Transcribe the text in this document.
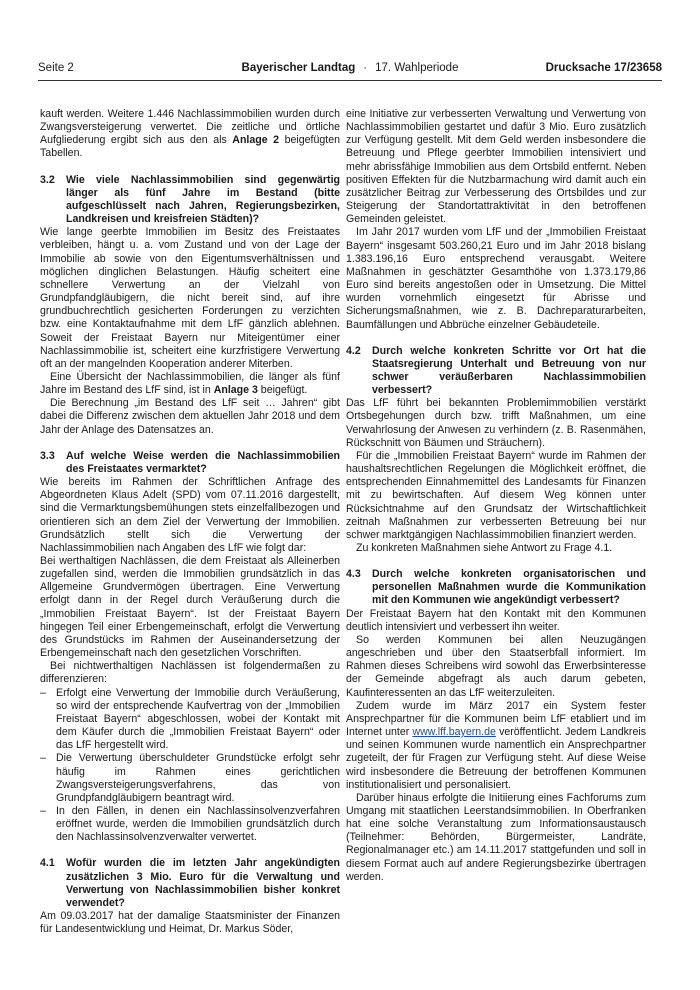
Seite 2	Bayerischer Landtag · 17. Wahlperiode	Drucksache 17/23658

kauft werden. Weitere 1.446 Nachlassimmobilien wurden durch Zwangsversteigerung verwertet. Die zeitliche und örtliche Aufgliederung ergibt sich aus den als Anlage 2 beigefügten Tabellen.

3.2	Wie viele Nachlassimmobilien sind gegenwärtig länger als fünf Jahre im Bestand (bitte aufgeschlüsselt nach Jahren, Regierungsbezirken, Landkreisen und kreisfreien Städten)?

Wie lange geerbte Immobilien im Besitz des Freistaates verbleiben, hängt u. a. vom Zustand und von der Lage der Immobilie ab sowie von den Eigentumsverhältnissen und möglichen dinglichen Belastungen. Häufig scheitert eine schnellere Verwertung an der Vielzahl von Grundpfandgläubigern, die nicht bereit sind, auf ihre grundbuchrechtlich gesicherten Forderungen zu verzichten bzw. eine Kontaktaufnahme mit dem LfF gänzlich ablehnen. Soweit der Freistaat Bayern nur Miteigentümer einer Nachlassimmobilie ist, scheitert eine kurzfristigere Verwertung oft an der mangelnden Kooperation anderer Miterben.

Eine Übersicht der Nachlassimmobilien, die länger als fünf Jahre im Bestand des LfF sind, ist in Anlage 3 beigefügt.

Die Berechnung „im Bestand des LfF seit … Jahren“ gibt dabei die Differenz zwischen dem aktuellen Jahr 2018 und dem Jahr der Anlage des Datensatzes an.

3.3	Auf welche Weise werden die Nachlassimmobilien des Freistaates vermarktet?

Wie bereits im Rahmen der Schriftlichen Anfrage des Abgeordneten Klaus Adelt (SPD) vom 07.11.2016 dargestellt, sind die Vermarktungsbemühungen stets einzelfallbezogen und orientieren sich an dem Ziel der Verwertung der Immobilien. Grundsätzlich stellt sich die Verwertung der Nachlassimmobilien nach Angaben des LfF wie folgt dar:

Bei werthaltigen Nachlässen, die dem Freistaat als Alleinerben zugefallen sind, werden die Immobilien grundsätzlich in das Allgemeine Grundvermögen übertragen. Eine Verwertung erfolgt dann in der Regel durch Veräußerung durch die „Immobilien Freistaat Bayern“. Ist der Freistaat Bayern hingegen Teil einer Erbengemeinschaft, erfolgt die Verwertung des Grundstücks im Rahmen der Auseinandersetzung der Erbengemeinschaft nach den gesetzlichen Vorschriften.

Bei nichtwerthaltigen Nachlässen ist folgendermaßen zu differenzieren:

– Erfolgt eine Verwertung der Immobilie durch Veräußerung, so wird der entsprechende Kaufvertrag von der „Immobilien Freistaat Bayern“ abgeschlossen, wobei der Kontakt mit dem Käufer durch die „Immobilien Freistaat Bayern“ oder das LfF hergestellt wird.
– Die Verwertung überschuldeter Grundstücke erfolgt sehr häufig im Rahmen eines gerichtlichen Zwangsversteigerungsverfahrens, das von Grundpfandgläubigern beantragt wird.
– In den Fällen, in denen ein Nachlassinsolvenzverfahren eröffnet wurde, werden die Immobilien grundsätzlich durch den Nachlassinsolvenzverwalter verwertet.
4.1	Wofür wurden die im letzten Jahr angekündigten zusätzlichen 3 Mio. Euro für die Verwaltung und Verwertung von Nachlassimmobilien bisher konkret verwendet?

Am 09.03.2017 hat der damalige Staatsminister der Finanzen für Landesentwicklung und Heimat, Dr. Markus Söder,

eine Initiative zur verbesserten Verwaltung und Verwertung von Nachlassimmobilien gestartet und dafür 3 Mio. Euro zusätzlich zur Verfügung gestellt. Mit dem Geld werden insbesondere die Betreuung und Pflege geerbter Immobilien intensiviert und mehr abrissfähige Immobilien aus dem Ortsbild entfernt. Neben positiven Effekten für die Nutzbarmachung wird damit auch ein zusätzlicher Beitrag zur Verbesserung des Ortsbildes und zur Steigerung der Standortattraktivität in den betroffenen Gemeinden geleistet.

Im Jahr 2017 wurden vom LfF und der „Immobilien Freistaat Bayern“ insgesamt 503.260,21 Euro und im Jahr 2018 bislang 1.383.196,16 Euro entsprechend verausgabt. Weitere Maßnahmen in geschätzter Gesamthöhe von 1.373.179,86 Euro sind bereits angestoßen oder in Umsetzung. Die Mittel wurden vornehmlich eingesetzt für Abrisse und Sicherungsmaßnahmen, wie z. B. Dachreparaturarbeiten, Baumfällungen und Abbrüche einzelner Gebäudeteile.

4.2	Durch welche konkreten Schritte vor Ort hat die Staatsregierung Unterhalt und Betreuung von nur schwer veräußerbaren Nachlassimmobilien verbessert?

Das LfF führt bei bekannten Problemimmobilien verstärkt Ortsbegehungen durch bzw. trifft Maßnahmen, um eine Verwahrlosung der Anwesen zu verhindern (z. B. Rasenmähen, Rückschnitt von Bäumen und Sträuchern).

Für die „Immobilien Freistaat Bayern“ wurde im Rahmen der haushaltsrechtlichen Regelungen die Möglichkeit eröffnet, die entsprechenden Einnahmemittel des Landesamts für Finanzen mit zu bewirtschaften. Auf diesem Weg können unter Rücksichtnahme auf den Grundsatz der Wirtschaftlichkeit zeitnah Maßnahmen zur verbesserten Betreuung bei nur schwer marktgängigen Nachlassimmobilien finanziert werden.

Zu konkreten Maßnahmen siehe Antwort zu Frage 4.1.

4.3	Durch welche konkreten organisatorischen und personellen Maßnahmen wurde die Kommunikation mit den Kommunen wie angekündigt verbessert?

Der Freistaat Bayern hat den Kontakt mit den Kommunen deutlich intensiviert und verbessert ihn weiter.

So werden Kommunen bei allen Neuzugängen angeschrieben und über den Staatserbfall informiert. Im Rahmen dieses Schreibens wird sowohl das Erwerbsinteresse der Gemeinde abgefragt als auch darum gebeten, Kaufinteressenten an das LfF weiterzuleiten.

Zudem wurde im März 2017 ein System fester Ansprechpartner für die Kommunen beim LfF etabliert und im Internet unter www.lff.bayern.de veröffentlicht. Jedem Landkreis und seinen Kommunen wurde namentlich ein Ansprechpartner zugeteilt, der für Fragen zur Verfügung steht. Auf diese Weise wird insbesondere die Betreuung der betroffenen Kommunen institutionalisiert und personalisiert.

Darüber hinaus erfolgte die Initiierung eines Fachforums zum Umgang mit staatlichen Leerstandsimmobilien. In Oberfranken hat eine solche Veranstaltung zum Informationsaustausch (Teilnehmer: Behörden, Bürgermeister, Landräte, Regionalmanager etc.) am 14.11.2017 stattgefunden und soll in diesem Format auch auf andere Regierungsbezirke übertragen werden.
